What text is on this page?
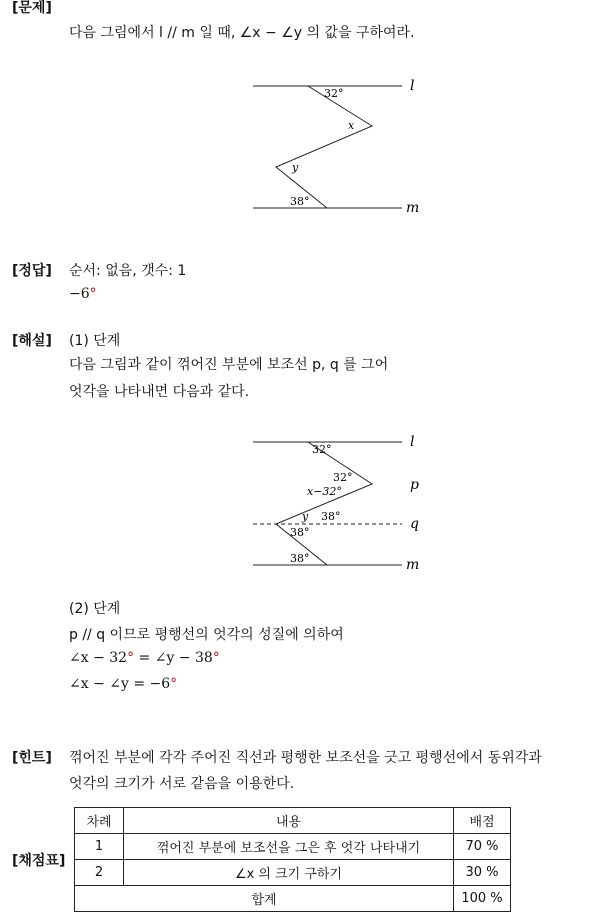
[문제]
다음 그림에서 l // m 일 때, ∠x − ∠y 의 값을 구하여라.
l
m
32°
x
y
38°
[정답] 순서: 없음, 갯수: 1
−6°
[해설] (1) 단계
다음 그림과 같이 꺾어진 부분에 보조선 p, q 를 그어
엇각을 나타내면 다음과 같다.
l
p
q
m
32°
32°
x−32°
y 38°
38°
38°
(2) 단계
p // q 이므로 평행선의 엇각의 성질에 의하여
∠x − 32° = ∠y − 38°
∠x − ∠y = −6°
[힌트] 꺾어진 부분에 각각 주어진 직선과 평행한 보조선을 긋고 평행선에서 동위각과
엇각의 크기가 서로 같음을 이용한다.
[채점표]
차례	내용	배점
1	꺾어진 부분에 보조선을 그은 후 엇각 나타내기	70 %
2	∠x 의 크기 구하기	30 %
합계		100 %
